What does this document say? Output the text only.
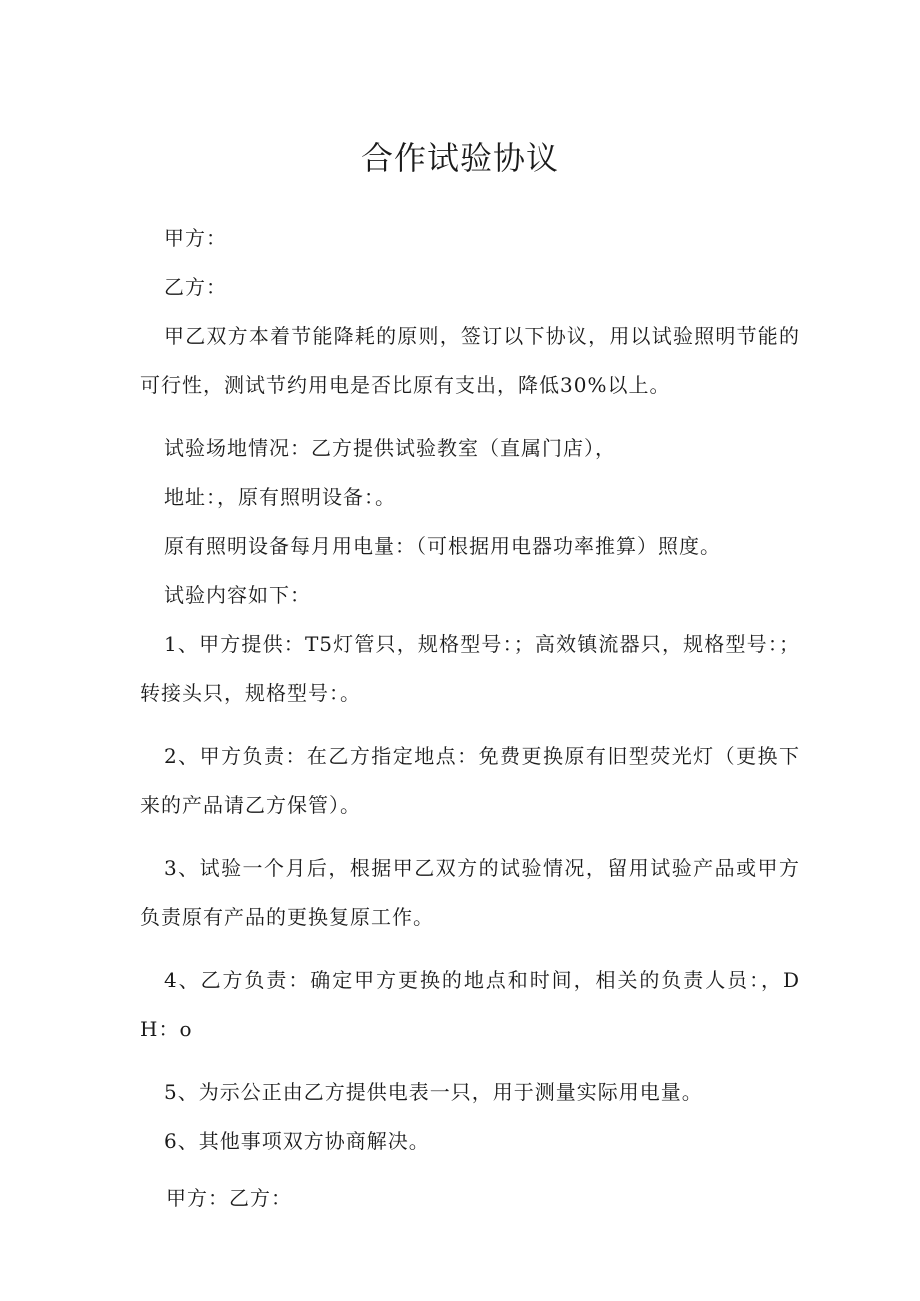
合作试验协议

甲方：

乙方：

甲乙双方本着节能降耗的原则，签订以下协议，用以试验照明节能的可行性，测试节约用电是否比原有支出，降低30%以上。

试验场地情况：乙方提供试验教室（直属门店），

地址：，原有照明设备：。

原有照明设备每月用电量：（可根据用电器功率推算）照度。

试验内容如下：

1、甲方提供：T5灯管只，规格型号：；高效镇流器只，规格型号：；转接头只，规格型号：。

2、甲方负责：在乙方指定地点：免费更换原有旧型荧光灯（更换下来的产品请乙方保管）。

3、试验一个月后，根据甲乙双方的试验情况，留用试验产品或甲方负责原有产品的更换复原工作。

4、乙方负责：确定甲方更换的地点和时间，相关的负责人员：，DH：o

5、为示公正由乙方提供电表一只，用于测量实际用电量。

6、其他事项双方协商解决。

甲方：乙方：
